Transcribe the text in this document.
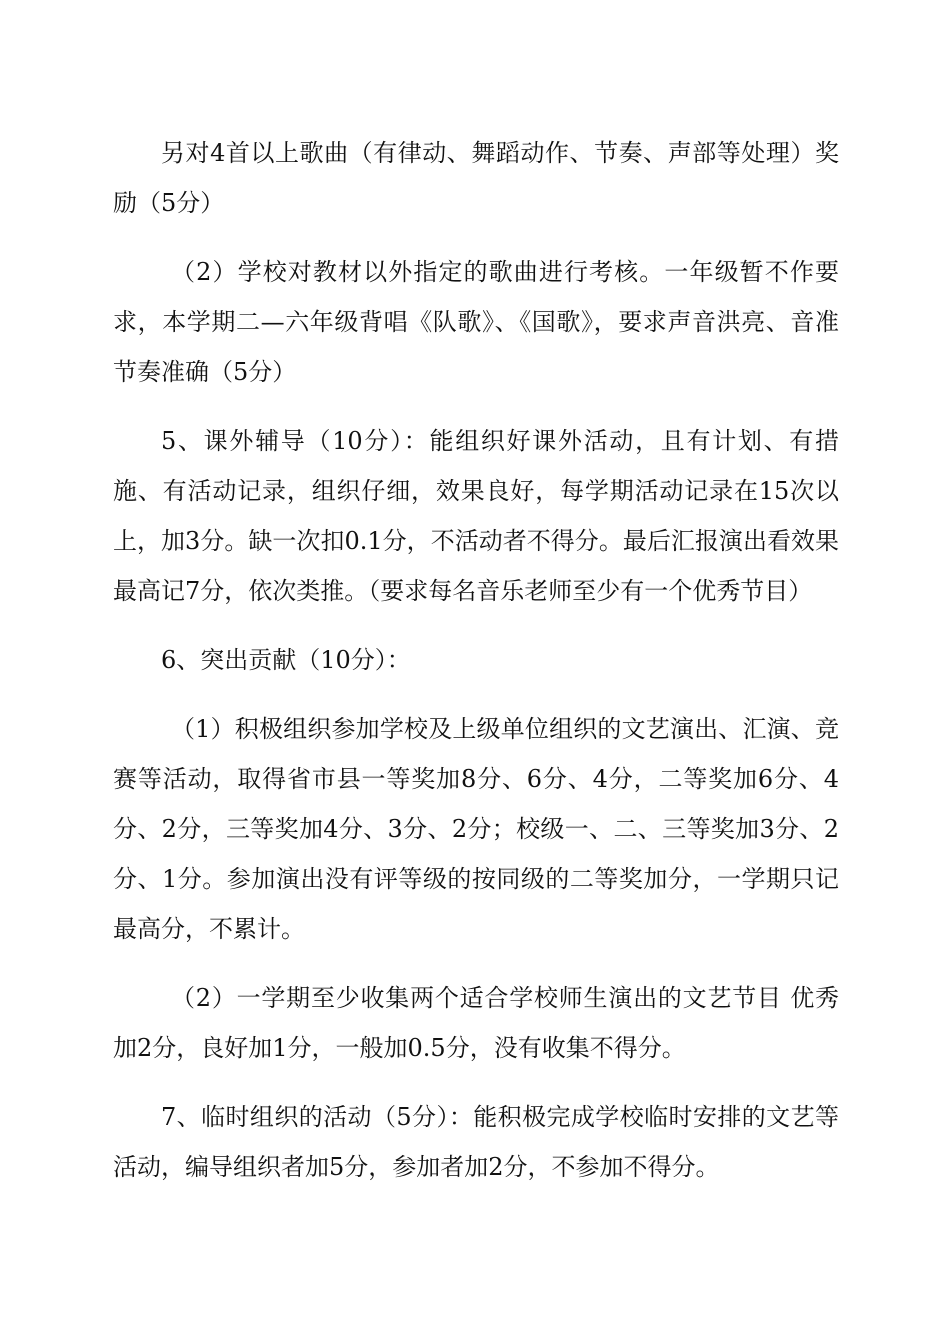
另对4首以上歌曲（有律动、舞蹈动作、节奏、声部等处理）奖励（5分）

（2）学校对教材以外指定的歌曲进行考核。一年级暂不作要求，本学期二—六年级背唱《队歌》、《国歌》，要求声音洪亮、音准节奏准确（5分）

5、课外辅导（10分）：能组织好课外活动，且有计划、有措施、有活动记录，组织仔细，效果良好，每学期活动记录在15次以上，加3分。缺一次扣0.1分，不活动者不得分。最后汇报演出看效果最高记7分，依次类推。（要求每名音乐老师至少有一个优秀节目）

6、突出贡献（10分）：

（1）积极组织参加学校及上级单位组织的文艺演出、汇演、竞赛等活动，取得省市县一等奖加8分、6分、4分，二等奖加6分、4分、2分，三等奖加4分、3分、2分；校级一、二、三等奖加3分、2分、1分。参加演出没有评等级的按同级的二等奖加分，一学期只记最高分，不累计。

（2）一学期至少收集两个适合学校师生演出的文艺节目 优秀加2分，良好加1分，一般加0.5分，没有收集不得分。

7、临时组织的活动（5分）：能积极完成学校临时安排的文艺等活动，编导组织者加5分，参加者加2分，不参加不得分。
